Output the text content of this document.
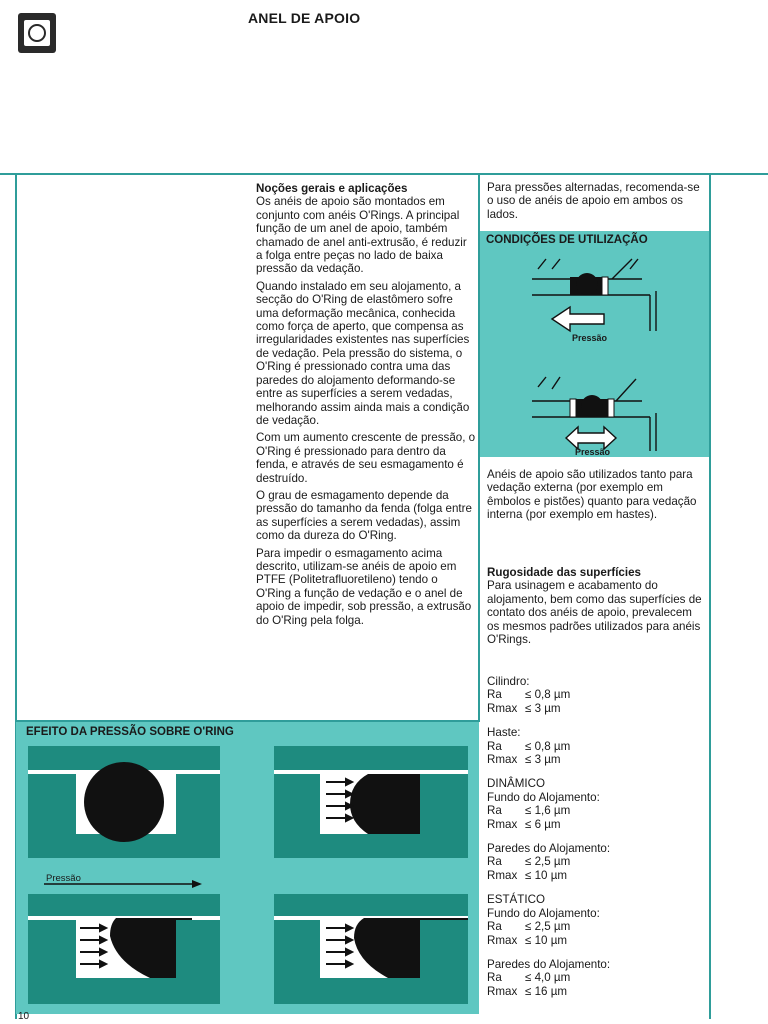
ANEL DE APOIO

Noções gerais e aplicações
Os anéis de apoio são montados em conjunto com anéis O'Rings. A principal função de um anel de apoio, também chamado de anel anti-extrusão, é reduzir a folga entre peças no lado de baixa pressão da vedação.

Quando instalado em seu alojamento, a secção do O'Ring de elastômero sofre uma deformação mecânica, conhecida como força de aperto, que compensa as irregularidades existentes nas superfícies de vedação. Pela pressão do sistema, o O'Ring é pressionado contra uma das paredes do alojamento deformando-se entre as superfícies a serem vedadas, melhorando assim ainda mais a condição de vedação.

Com um aumento crescente de pressão, o O'Ring é pressionado para dentro da fenda, e através de seu esmagamento é destruído.

O grau de esmagamento depende da pressão do tamanho da fenda (folga entre as superfícies a serem vedadas), assim como da dureza do O'Ring.

Para impedir o esmagamento acima descrito, utilizam-se anéis de apoio em PTFE (Politetrafluoretileno) tendo o O'Ring a função de vedação e o anel de apoio de impedir, sob pressão, a extrusão do O'Ring pela folga.

Para pressões alternadas, recomenda-se o uso de anéis de apoio em ambos os lados.
CONDIÇÕES DE UTILIZAÇÃO
Pressão
Pressão
Anéis de apoio são utilizados tanto para vedação externa (por exemplo em êmbolos e pistões) quanto para vedação interna (por exemplo em hastes).
Rugosidade das superfícies
Para usinagem e acabamento do alojamento, bem como das superfícies de contato dos anéis de apoio, prevalecem os mesmos padrões utilizados para anéis O'Rings.
Cilindro:
Ra ≤ 0,8 µm
Rmax ≤ 3 µm
Haste:
Ra ≤ 0,8 µm
Rmax ≤ 3 µm
DINÂMICO
Fundo do Alojamento:
Ra ≤ 1,6 µm
Rmax ≤ 6 µm
Paredes do Alojamento:
Ra ≤ 2,5 µm
Rmax ≤ 10 µm
ESTÁTICO
Fundo do Alojamento:
Ra ≤ 2,5 µm
Rmax ≤ 10 µm
Paredes do Alojamento:
Ra ≤ 4,0 µm
Rmax ≤ 16 µm
EFEITO DA PRESSÃO SOBRE O'RING
Pressão
10
